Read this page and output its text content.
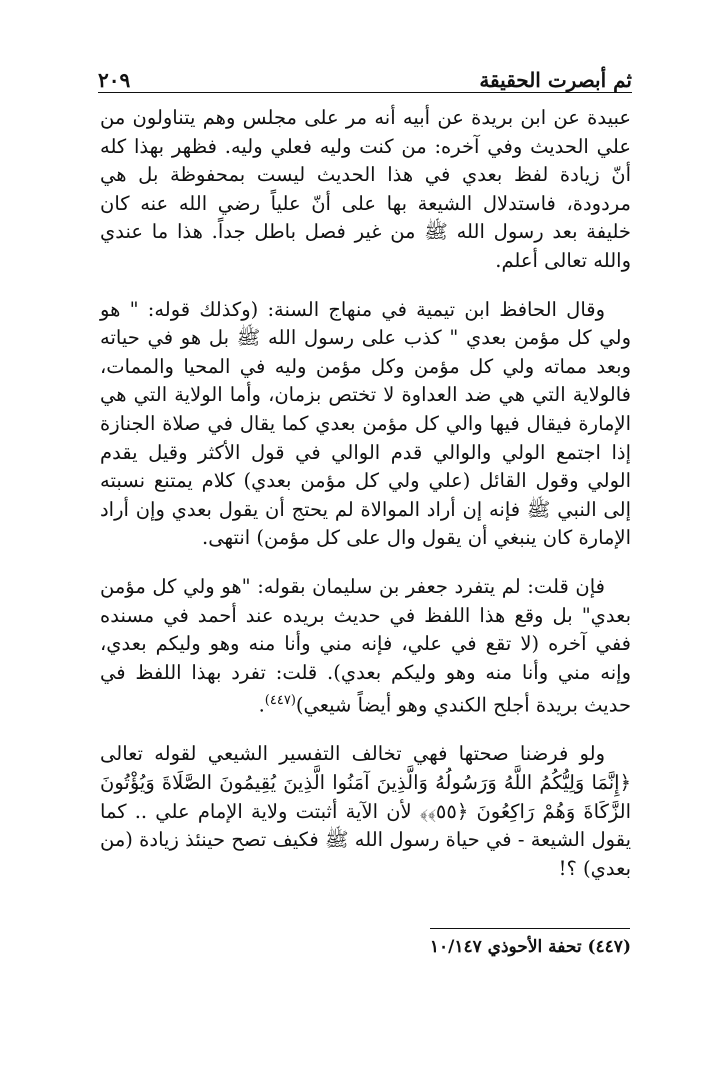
ثم أبصرت الحقيقة
٢٠٩

عبيدة عن ابن بريدة عن أبيه أنه مر على مجلس وهم يتناولون من علي الحديث وفي آخره: من كنت وليه فعلي وليه. فظهر بهذا كله أنّ زيادة لفظ بعدي في هذا الحديث ليست بمحفوظة بل هي مردودة، فاستدلال الشيعة بها على أنّ علياً رضي الله عنه كان خليفة بعد رسول الله ﷺ من غير فصل باطل جداً. هذا ما عندي والله تعالى أعلم.

وقال الحافظ ابن تيمية في منهاج السنة: (وكذلك قوله: " هو ولي كل مؤمن بعدي " كذب على رسول الله ﷺ بل هو في حياته وبعد مماته ولي كل مؤمن وكل مؤمن وليه في المحيا والممات، فالولاية التي هي ضد العداوة لا تختص بزمان، وأما الولاية التي هي الإمارة فيقال فيها والي كل مؤمن بعدي كما يقال في صلاة الجنازة إذا اجتمع الولي والوالي قدم الوالي في قول الأكثر وقيل يقدم الولي وقول القائل (علي ولي كل مؤمن بعدي) كلام يمتنع نسبته إلى النبي ﷺ فإنه إن أراد الموالاة لم يحتج أن يقول بعدي وإن أراد الإمارة كان ينبغي أن يقول وال على كل مؤمن) انتهى.

فإن قلت: لم يتفرد جعفر بن سليمان بقوله: "هو ولي كل مؤمن بعدي" بل وقع هذا اللفظ في حديث بريده عند أحمد في مسنده ففي آخره (لا تقع في علي، فإنه مني وأنا منه وهو وليكم بعدي، وإنه مني وأنا منه وهو وليكم بعدي). قلت: تفرد بهذا اللفظ في حديث بريدة أجلح الكندي وهو أيضاً شيعي)$^{(٤٤٧)}$.

ولو فرضنا صحتها فهي تخالف التفسير الشيعي لقوله تعالى ﴿إِنَّمَا وَلِيُّكُمُ اللَّهُ وَرَسُولُهُ وَالَّذِينَ آمَنُوا الَّذِينَ يُقِيمُونَ الصَّلَاةَ وَيُؤْتُونَ الزَّكَاةَ وَهُمْ رَاكِعُونَ ﴿٥٥﴾﴾ لأن الآية أثبتت ولاية الإمام علي .. كما يقول الشيعة - في حياة رسول الله ﷺ فكيف تصح حينئذ زيادة (من بعدي) ؟!

(٤٤٧) تحفة الأحوذي ١٠/١٤٧
